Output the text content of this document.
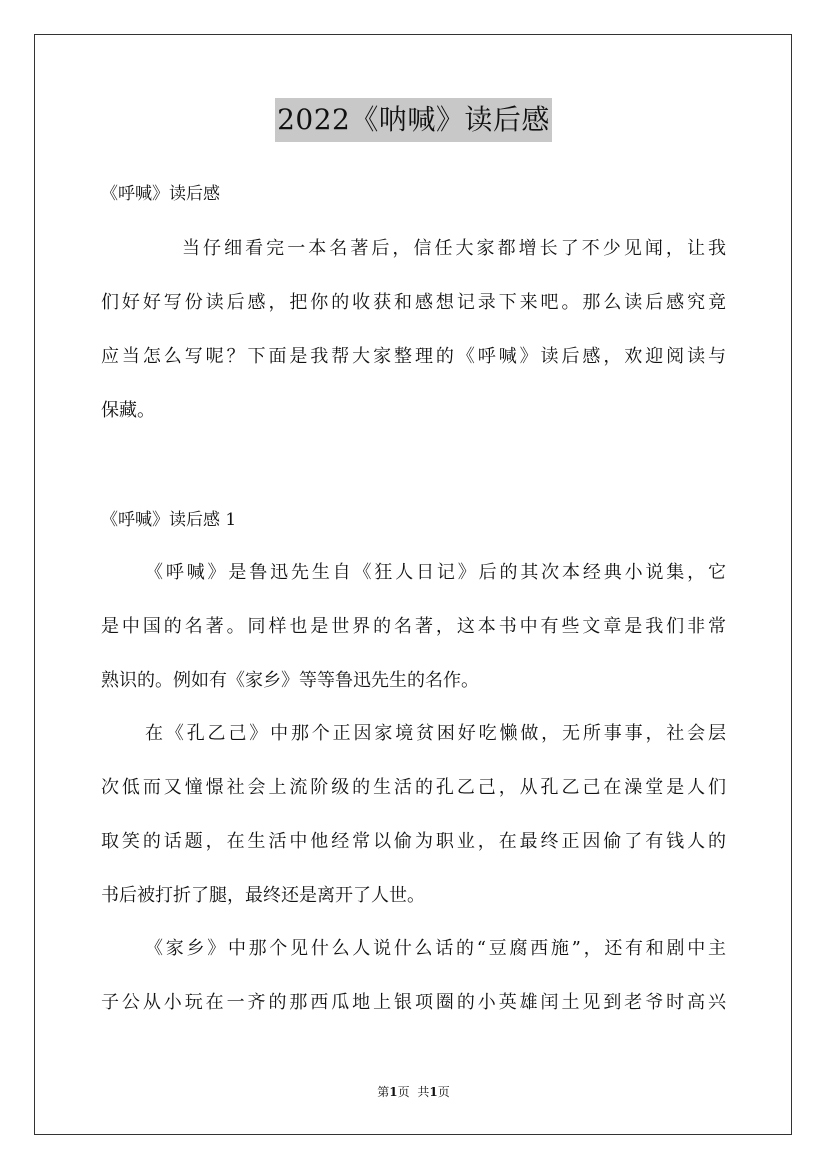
2022《呐喊》读后感
《呼喊》读后感
当仔细看完一本名著后，信任大家都增长了不少见闻，让我
们好好写份读后感，把你的收获和感想记录下来吧。那么读后感究竟
应当怎么写呢？下面是我帮大家整理的《呼喊》读后感，欢迎阅读与
保藏。
《呼喊》读后感 1
《呼喊》是鲁迅先生自《狂人日记》后的其次本经典小说集，它
是中国的名著。同样也是世界的名著，这本书中有些文章是我们非常
熟识的。例如有《家乡》等等鲁迅先生的名作。
在《孔乙己》中那个正因家境贫困好吃懒做，无所事事，社会层
次低而又憧憬社会上流阶级的生活的孔乙己，从孔乙己在澡堂是人们
取笑的话题，在生活中他经常以偷为职业，在最终正因偷了有钱人的
书后被打折了腿，最终还是离开了人世。
《家乡》中那个见什么人说什么话的“豆腐西施”，还有和剧中主
子公从小玩在一齐的那西瓜地上银项圈的小英雄闰土见到老爷时高兴
第1页 共1页
